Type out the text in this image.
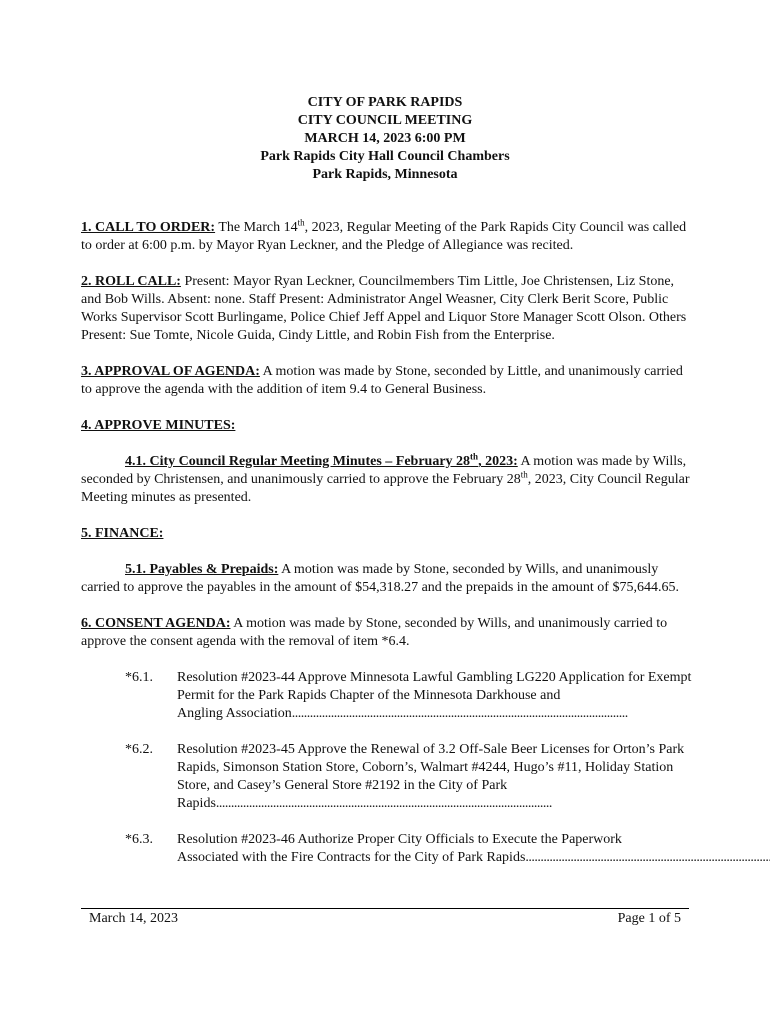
CITY OF PARK RAPIDS
CITY COUNCIL MEETING
MARCH 14, 2023 6:00 PM
Park Rapids City Hall Council Chambers
Park Rapids, Minnesota

1. CALL TO ORDER: The March 14th, 2023, Regular Meeting of the Park Rapids City Council was called to order at 6:00 p.m. by Mayor Ryan Leckner, and the Pledge of Allegiance was recited.

2. ROLL CALL: Present: Mayor Ryan Leckner, Councilmembers Tim Little, Joe Christensen, Liz Stone, and Bob Wills. Absent: none. Staff Present: Administrator Angel Weasner, City Clerk Berit Score, Public Works Supervisor Scott Burlingame, Police Chief Jeff Appel and Liquor Store Manager Scott Olson. Others Present: Sue Tomte, Nicole Guida, Cindy Little, and Robin Fish from the Enterprise.

3. APPROVAL OF AGENDA: A motion was made by Stone, seconded by Little, and unanimously carried to approve the agenda with the addition of item 9.4 to General Business.

4. APPROVE MINUTES:

4.1. City Council Regular Meeting Minutes – February 28th, 2023: A motion was made by Wills, seconded by Christensen, and unanimously carried to approve the February 28th, 2023, City Council Regular Meeting minutes as presented.

5. FINANCE:

5.1. Payables & Prepaids: A motion was made by Stone, seconded by Wills, and unanimously carried to approve the payables in the amount of $54,318.27 and the prepaids in the amount of $75,644.65.

6. CONSENT AGENDA: A motion was made by Stone, seconded by Wills, and unanimously carried to approve the consent agenda with the removal of item *6.4.

*6.1.	Resolution #2023-44 Approve Minnesota Lawful Gambling LG220 Application for Exempt Permit for the Park Rapids Chapter of the Minnesota Darkhouse and
Angling Association
. . .
*6.2.	Resolution #2023-45 Approve the Renewal of 3.2 Off-Sale Beer Licenses for Orton’s Park Rapids, Simonson Station Store, Coborn’s, Walmart #4244, Hugo’s #11, Holiday Station Store, and Casey’s General Store #2192 in the City of Park
Rapids
. . .
*6.3.	Resolution #2023-46 Authorize Proper City Officials to Execute the Paperwork
Associated with the Fire Contracts for the City of Park Rapids
. . .
March 14, 2023	Page 1 of 5
